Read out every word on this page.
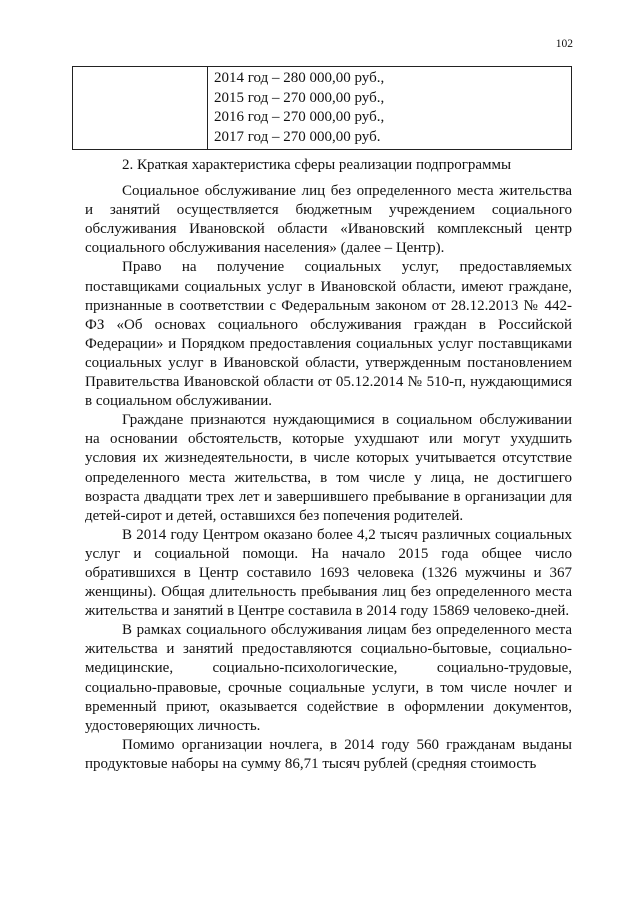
102

2014 год – 280 000,00 руб.,
2015 год – 270 000,00 руб.,
2016 год – 270 000,00 руб.,
2017 год – 270 000,00 руб.

2. Краткая характеристика сферы реализации подпрограммы

Социальное обслуживание лиц без определенного места жительства и занятий осуществляется бюджетным учреждением социального обслуживания Ивановской области «Ивановский комплексный центр социального обслуживания населения» (далее – Центр).

Право на получение социальных услуг, предоставляемых поставщиками социальных услуг в Ивановской области, имеют граждане, признанные в соответствии с Федеральным законом от 28.12.2013 № 442-ФЗ «Об основах социального обслуживания граждан в Российской Федерации» и Порядком предоставления социальных услуг поставщиками социальных услуг в Ивановской области, утвержденным постановлением Правительства Ивановской области от 05.12.2014 № 510-п, нуждающимися в социальном обслуживании.

Граждане признаются нуждающимися в социальном обслуживании на основании обстоятельств, которые ухудшают или могут ухудшить условия их жизнедеятельности, в числе которых учитывается отсутствие определенного места жительства, в том числе у лица, не достигшего возраста двадцати трех лет и завершившего пребывание в организации для детей-сирот и детей, оставшихся без попечения родителей.

В 2014 году Центром оказано более 4,2 тысяч различных социальных услуг и социальной помощи. На начало 2015 года общее число обратившихся в Центр составило 1693 человека (1326 мужчины и 367 женщины). Общая длительность пребывания лиц без определенного места жительства и занятий в Центре составила в 2014 году 15869 человеко-дней.

В рамках социального обслуживания лицам без определенного места жительства и занятий предоставляются социально-бытовые, социально-медицинские, социально-психологические, социально-трудовые, социально-правовые, срочные социальные услуги, в том числе ночлег и временный приют, оказывается содействие в оформлении документов, удостоверяющих личность.

Помимо организации ночлега, в 2014 году 560 гражданам выданы продуктовые наборы на сумму 86,71 тысяч рублей (средняя стоимость
